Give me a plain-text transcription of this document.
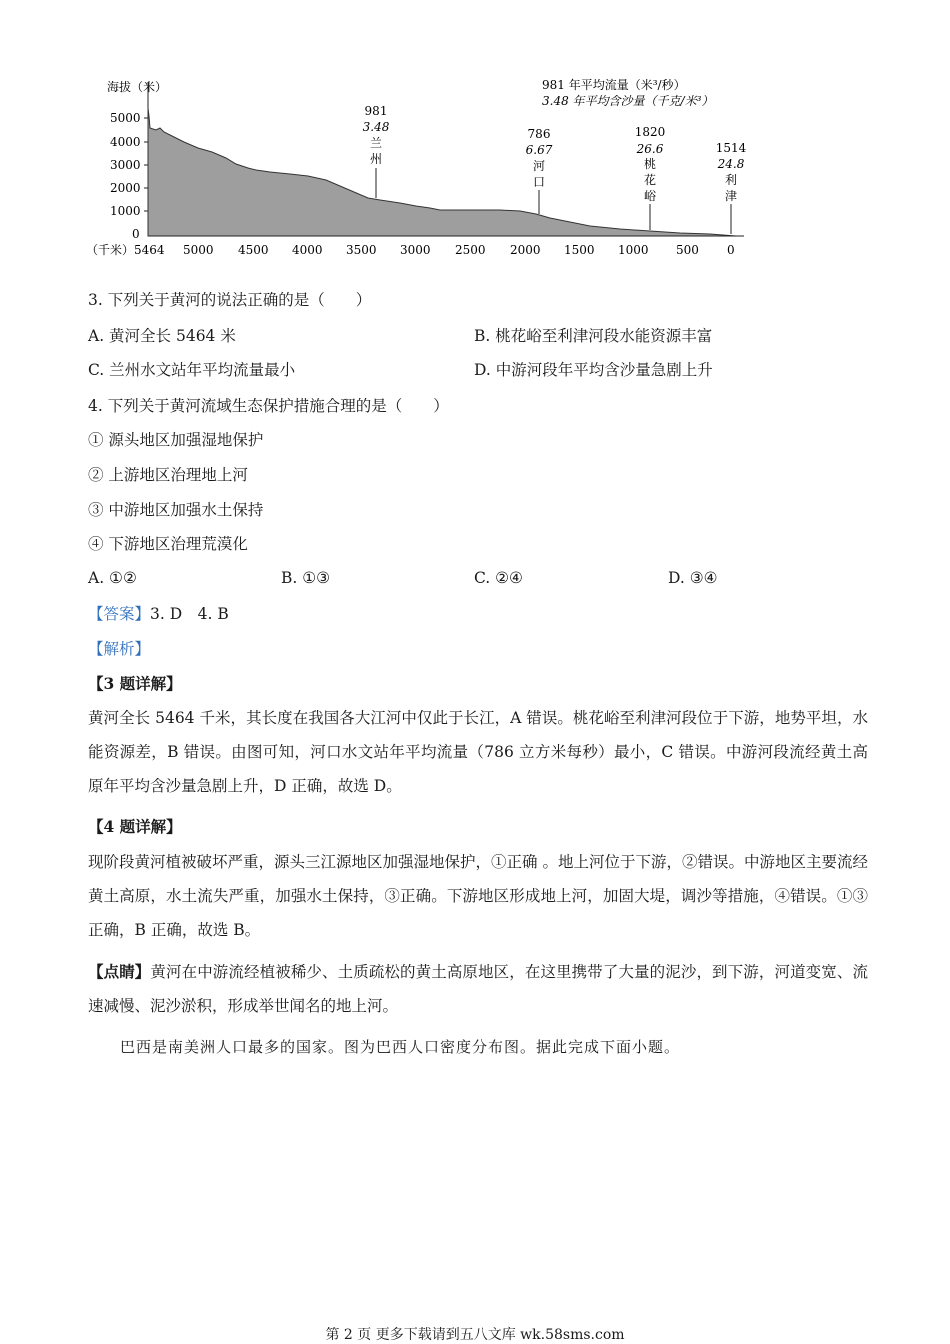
海拔（米）
5000
4000
3000
2000
1000
0
（千米） 5464 5000 4500 4000 3500 3000 2500 2000 1500 1000 500 0
981 年平均流量（米³/秒）
3.48 年平均含沙量（千克/米³）
981
3.48
兰
州
786
6.67
河
口
1820
26.6
桃
花
峪
1514
24.8
利
津
3. 下列关于黄河的说法正确的是（　　）
A. 黄河全长 5464 米	B. 桃花峪至利津河段水能资源丰富
C. 兰州水文站年平均流量最小	D. 中游河段年平均含沙量急剧上升
4. 下列关于黄河流域生态保护措施合理的是（　　）
① 源头地区加强湿地保护
② 上游地区治理地上河
③ 中游地区加强水土保持
④ 下游地区治理荒漠化
A. ①②	B. ①③	C. ②④	D. ③④
【答案】3. D　4. B
【解析】
【3 题详解】
黄河全长 5464 千米，其长度在我国各大江河中仅此于长江，A 错误。桃花峪至利津河段位于下游，地势平坦，水能资源差，B 错误。由图可知，河口水文站年平均流量（786 立方米每秒）最小，C 错误。中游河段流经黄土高原年平均含沙量急剧上升，D 正确，故选 D。
【4 题详解】
现阶段黄河植被破坏严重，源头三江源地区加强湿地保护，①正确 。地上河位于下游，②错误。中游地区主要流经黄土高原，水土流失严重，加强水土保持，③正确。下游地区形成地上河，加固大堤，调沙等措施，④错误。①③正确，B 正确，故选 B。
【点睛】黄河在中游流经植被稀少、土质疏松的黄土高原地区，在这里携带了大量的泥沙，到下游，河道变宽、流速减慢、泥沙淤积，形成举世闻名的地上河。
巴西是南美洲人口最多的国家。图为巴西人口密度分布图。据此完成下面小题。
第 2 页 更多下载请到五八文库 wk.58sms.com
